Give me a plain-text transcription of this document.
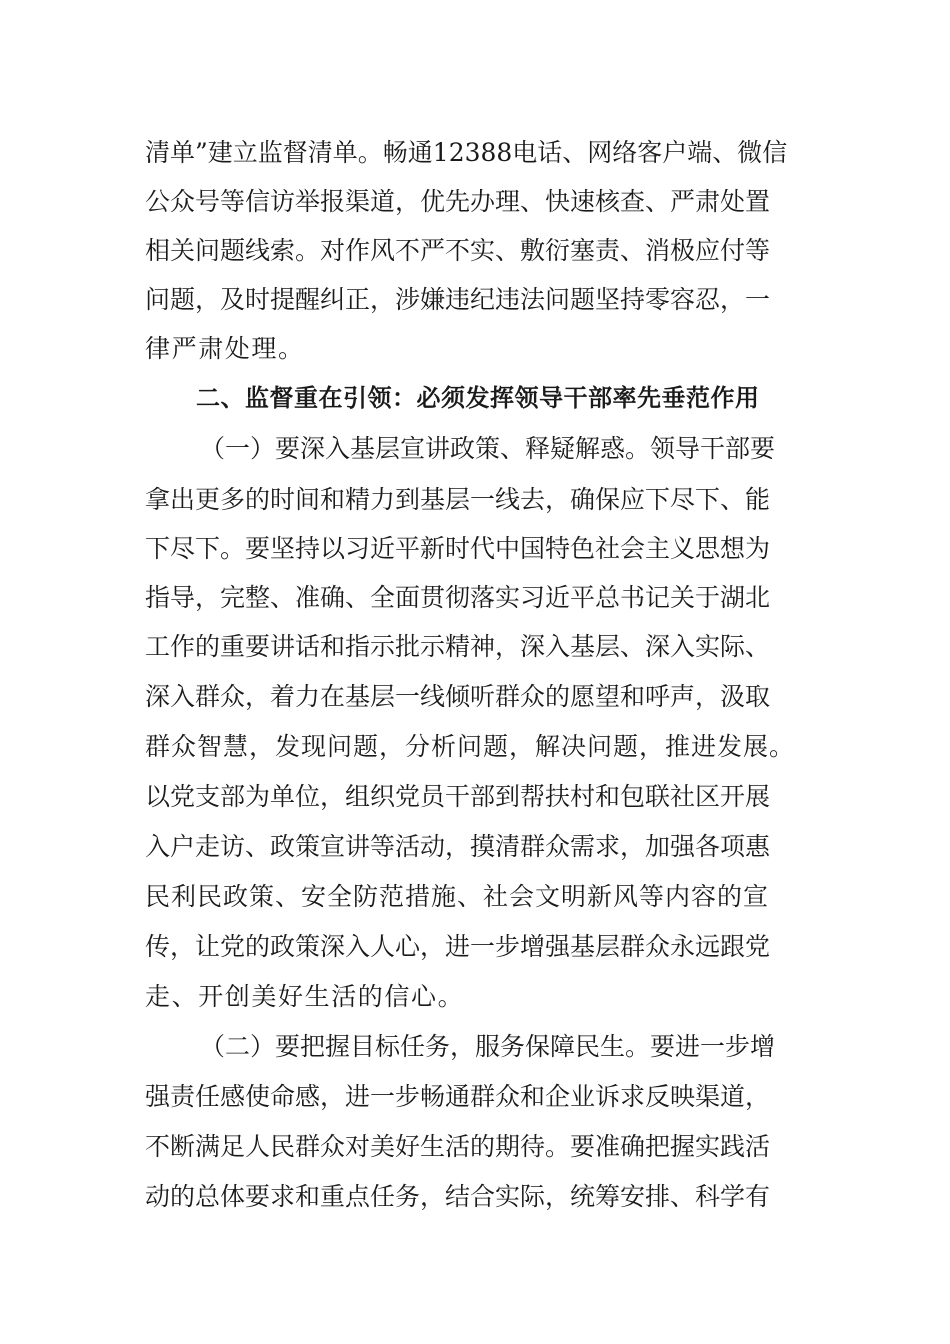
清单”建立监督清单。畅通12388电话、网络客户端、微信
公众号等信访举报渠道，优先办理、快速核查、严肃处置
相关问题线索。对作风不严不实、敷衍塞责、消极应付等
问题，及时提醒纠正，涉嫌违纪违法问题坚持零容忍，一
律严肃处理。
二、监督重在引领：必须发挥领导干部率先垂范作用
（一）要深入基层宣讲政策、释疑解惑。领导干部要
拿出更多的时间和精力到基层一线去，确保应下尽下、能
下尽下。要坚持以习近平新时代中国特色社会主义思想为
指导，完整、准确、全面贯彻落实习近平总书记关于湖北
工作的重要讲话和指示批示精神，深入基层、深入实际、
深入群众，着力在基层一线倾听群众的愿望和呼声，汲取
群众智慧，发现问题，分析问题，解决问题，推进发展。
以党支部为单位，组织党员干部到帮扶村和包联社区开展
入户走访、政策宣讲等活动，摸清群众需求，加强各项惠
民利民政策、安全防范措施、社会文明新风等内容的宣
传，让党的政策深入人心，进一步增强基层群众永远跟党
走、开创美好生活的信心。
（二）要把握目标任务，服务保障民生。要进一步增
强责任感使命感，进一步畅通群众和企业诉求反映渠道，
不断满足人民群众对美好生活的期待。要准确把握实践活
动的总体要求和重点任务，结合实际，统筹安排、科学有
